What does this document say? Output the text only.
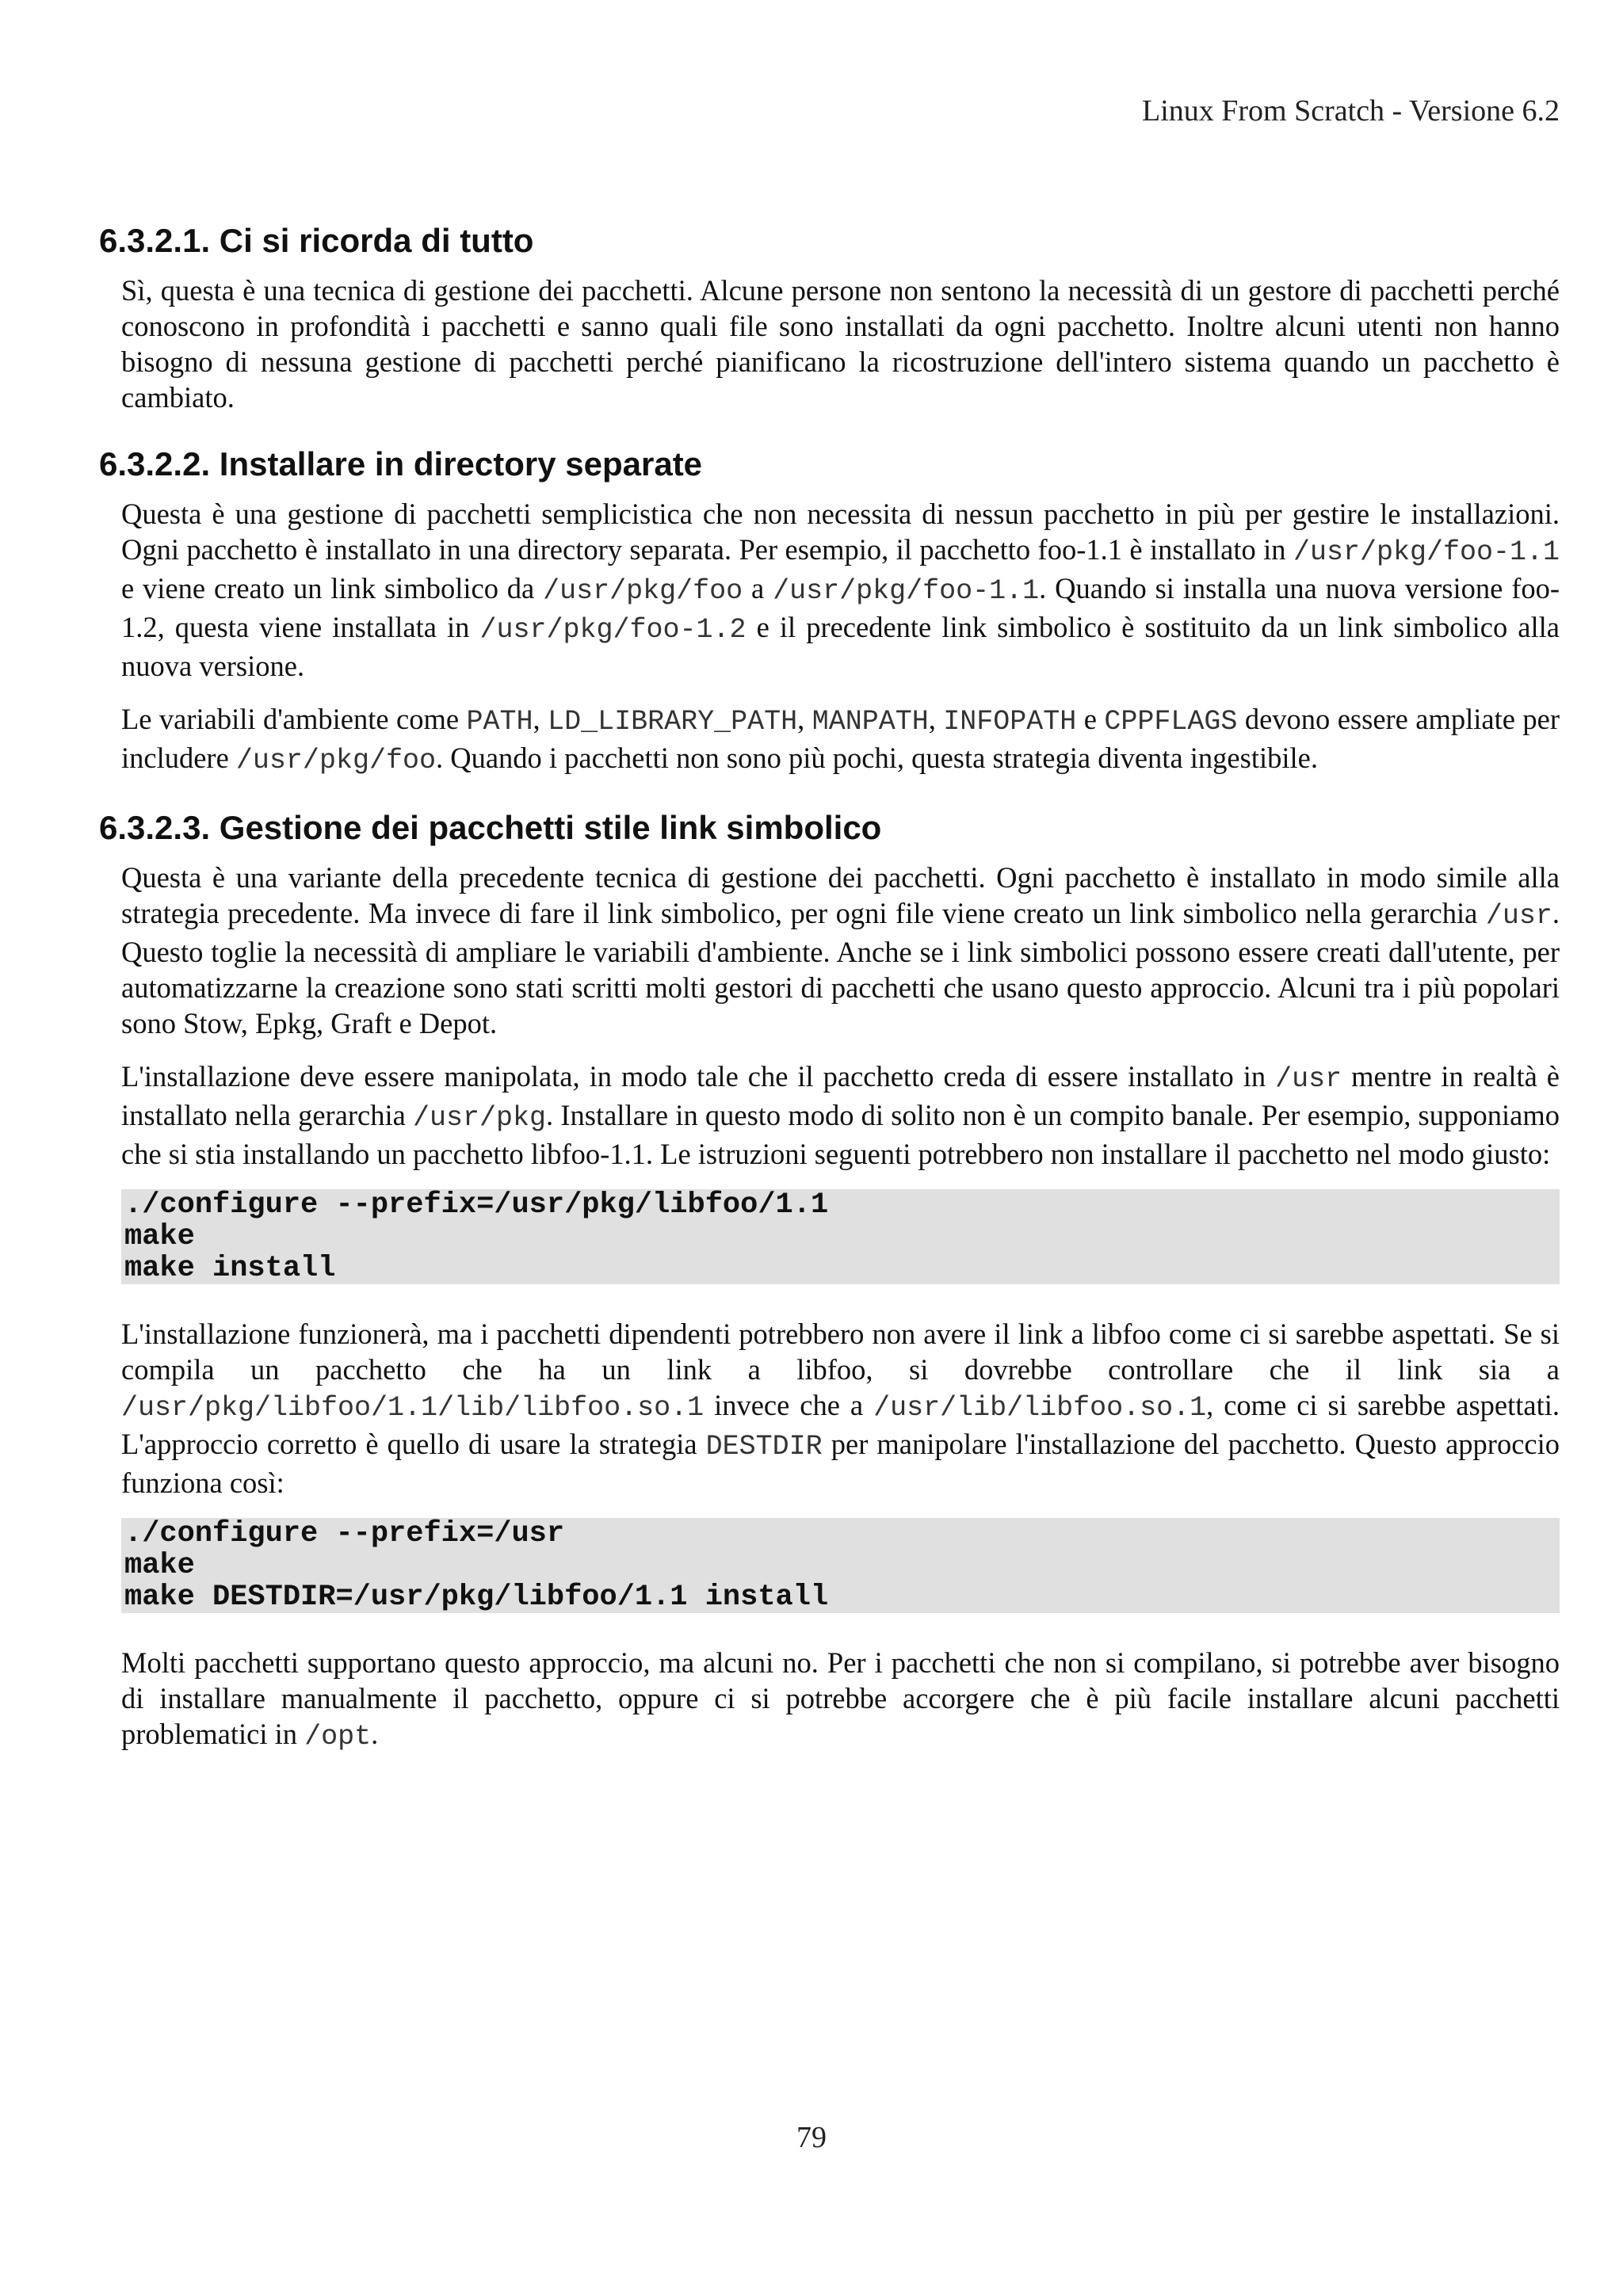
Linux From Scratch - Versione 6.2
6.3.2.1. Ci si ricorda di tutto

Sì, questa è una tecnica di gestione dei pacchetti. Alcune persone non sentono la necessità di un gestore di pacchetti perché conoscono in profondità i pacchetti e sanno quali file sono installati da ogni pacchetto. Inoltre alcuni utenti non hanno bisogno di nessuna gestione di pacchetti perché pianificano la ricostruzione dell'intero sistema quando un pacchetto è cambiato.

6.3.2.2. Installare in directory separate

Questa è una gestione di pacchetti semplicistica che non necessita di nessun pacchetto in più per gestire le installazioni. Ogni pacchetto è installato in una directory separata. Per esempio, il pacchetto foo-1.1 è installato in /usr/pkg/foo-1.1 e viene creato un link simbolico da /usr/pkg/foo a /usr/pkg/foo-1.1. Quando si installa una nuova versione foo-1.2, questa viene installata in /usr/pkg/foo-1.2 e il precedente link simbolico è sostituito da un link simbolico alla nuova versione.

Le variabili d'ambiente come PATH, LD_LIBRARY_PATH, MANPATH, INFOPATH e CPPFLAGS devono essere ampliate per includere /usr/pkg/foo. Quando i pacchetti non sono più pochi, questa strategia diventa ingestibile.

6.3.2.3. Gestione dei pacchetti stile link simbolico

Questa è una variante della precedente tecnica di gestione dei pacchetti. Ogni pacchetto è installato in modo simile alla strategia precedente. Ma invece di fare il link simbolico, per ogni file viene creato un link simbolico nella gerarchia /usr. Questo toglie la necessità di ampliare le variabili d'ambiente. Anche se i link simbolici possono essere creati dall'utente, per automatizzarne la creazione sono stati scritti molti gestori di pacchetti che usano questo approccio. Alcuni tra i più popolari sono Stow, Epkg, Graft e Depot.

L'installazione deve essere manipolata, in modo tale che il pacchetto creda di essere installato in /usr mentre in realtà è installato nella gerarchia /usr/pkg. Installare in questo modo di solito non è un compito banale. Per esempio, supponiamo che si stia installando un pacchetto libfoo-1.1. Le istruzioni seguenti potrebbero non installare il pacchetto nel modo giusto:

./configure --prefix=/usr/pkg/libfoo/1.1
make
make install

L'installazione funzionerà, ma i pacchetti dipendenti potrebbero non avere il link a libfoo come ci si sarebbe aspettati. Se si compila un pacchetto che ha un link a libfoo, si dovrebbe controllare che il link sia a /usr/pkg/libfoo/1.1/lib/libfoo.so.1 invece che a /usr/lib/libfoo.so.1, come ci si sarebbe aspettati. L'approccio corretto è quello di usare la strategia DESTDIR per manipolare l'installazione del pacchetto. Questo approccio funziona così:

./configure --prefix=/usr
make
make DESTDIR=/usr/pkg/libfoo/1.1 install

Molti pacchetti supportano questo approccio, ma alcuni no. Per i pacchetti che non si compilano, si potrebbe aver bisogno di installare manualmente il pacchetto, oppure ci si potrebbe accorgere che è più facile installare alcuni pacchetti problematici in /opt.

79
